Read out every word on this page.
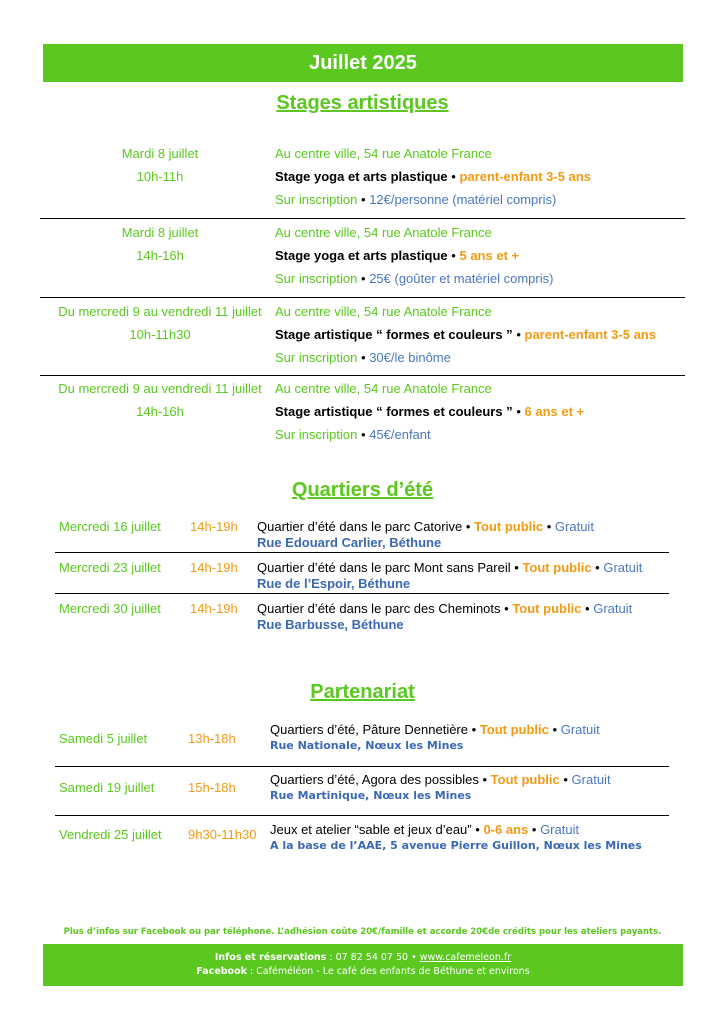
Juillet 2025
Stages artistiques
Mardi 8 juillet
10h-11h
Au centre ville, 54 rue Anatole France
Stage yoga et arts plastique • parent-enfant 3-5 ans
Sur inscription • 12€/personne (matériel compris)
Mardi 8 juillet
14h-16h
Au centre ville, 54 rue Anatole France
Stage yoga et arts plastique • 5 ans et +
Sur inscription • 25€ (goûter et matériel compris)
Du mercredi 9 au vendredi 11 juillet
10h-11h30
Au centre ville, 54 rue Anatole France
Stage artistique “ formes et couleurs ” • parent-enfant 3-5 ans
Sur inscription • 30€/le binôme
Du mercredi 9 au vendredi 11 juillet
14h-16h
Au centre ville, 54 rue Anatole France
Stage artistique “ formes et couleurs ” • 6 ans et +
Sur inscription • 45€/enfant
Quartiers d’été
Mercredi 16 juillet 14h-19h Quartier d’été dans le parc Catorive • Tout public • Gratuit
Rue Edouard Carlier, Béthune
Mercredi 23 juillet 14h-19h Quartier d’été dans le parc Mont sans Pareil • Tout public • Gratuit
Rue de l’Espoir, Béthune
Mercredi 30 juillet 14h-19h Quartier d’été dans le parc des Cheminots • Tout public • Gratuit
Rue Barbusse, Béthune
Partenariat
Samedi 5 juillet	13h-18h
Quartiers d’été, Pâture Dennetière • Tout public • Gratuit
Rue Nationale, Nœux les Mines
Samedi 19 juillet	15h-18h
Quartiers d’été, Agora des possibles • Tout public • Gratuit
Rue Martinique, Nœux les Mines
Vendredi 25 juillet 9h30-11h30 Jeux et atelier “sable et jeux d’eau” • 0-6 ans • Gratuit
A la base de l’AAE, 5 avenue Pierre Guillon, Nœux les Mines
Plus d’infos sur Facebook ou par téléphone. L’adhésion coûte 20€/famille et accorde 20€de crédits pour les ateliers payants.
Infos et réservations : 07 82 54 07 50 • www.cafemeleon.fr
Facebook : Caféméléon - Le café des enfants de Béthune et environs
